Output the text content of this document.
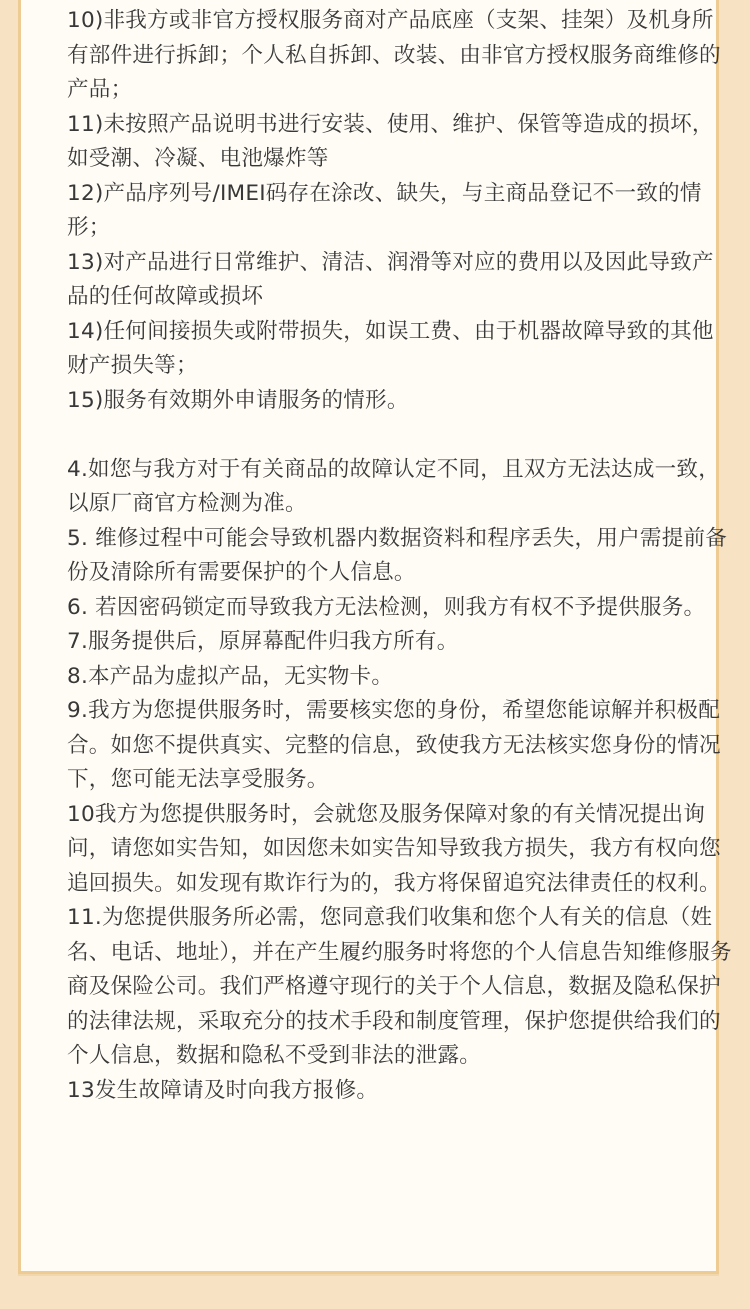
10)非我方或非官方授权服务商对产品底座（支架、挂架）及机身所有部件进行拆卸；个人私自拆卸、改装、由非官方授权服务商维修的产品；

11)未按照产品说明书进行安装、使用、维护、保管等造成的损坏，如受潮、冷凝、电池爆炸等

12)产品序列号/IMEI码存在涂改、缺失，与主商品登记不一致的情形；

13)对产品进行日常维护、清洁、润滑等对应的费用以及因此导致产品的任何故障或损坏

14)任何间接损失或附带损失，如误工费、由于机器故障导致的其他财产损失等；

15)服务有效期外申请服务的情形。

4.如您与我方对于有关商品的故障认定不同，且双方无法达成一致，以原厂商官方检测为准。

5. 维修过程中可能会导致机器内数据资料和程序丢失，用户需提前备份及清除所有需要保护的个人信息。

6. 若因密码锁定而导致我方无法检测，则我方有权不予提供服务。

7.服务提供后，原屏幕配件归我方所有。

8.本产品为虚拟产品，无实物卡。

9.我方为您提供服务时，需要核实您的身份，希望您能谅解并积极配合。如您不提供真实、完整的信息，致使我方无法核实您身份的情况下，您可能无法享受服务。

10我方为您提供服务时，会就您及服务保障对象的有关情况提出询问，请您如实告知，如因您未如实告知导致我方损失，我方有权向您追回损失。如发现有欺诈行为的，我方将保留追究法律责任的权利。

11.为您提供服务所必需，您同意我们收集和您个人有关的信息（姓名、电话、地址），并在产生履约服务时将您的个人信息告知维修服务商及保险公司。我们严格遵守现行的关于个人信息，数据及隐私保护的法律法规，采取充分的技术手段和制度管理，保护您提供给我们的个人信息，数据和隐私不受到非法的泄露。

13发生故障请及时向我方报修。
